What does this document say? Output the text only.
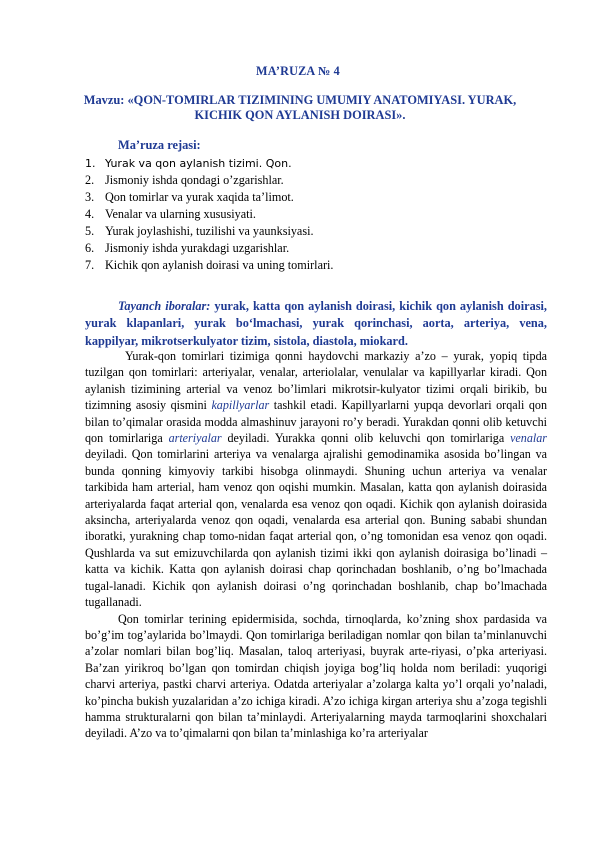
MA’RUZA № 4
Mavzu: «QON-TOMIRLAR TIZIMINING UMUMIY ANATOMIYASI. YURAK, KICHIK QON AYLANISH DOIRASI».
Ma’ruza rejasi:
1. Yurak va qon aylanish tizimi. Qon.
2. Jismoniy ishda qondagi o’zgarishlar.
3. Qon tomirlar va yurak xaqida ta’limot.
4. Venalar va ularning xususiyati.
5. Yurak joylashishi, tuzilishi va yaunksiyasi.
6. Jismoniy ishda yurakdagi uzgarishlar.
7. Kichik qon aylanish doirasi va uning tomirlari.
Tayanch iboralar: yurak, katta qon aylanish doirasi, kichik qon aylanish doirasi, yurak klapanlari, yurak bo‘lmachasi, yurak qorinchasi, aorta, arteriya, vena, kappilyar, mikrotserkulyator tizim, sistola, diastola, miokard.

Yurak-qon tomirlari tizimiga qonni haydovchi markaziy a’zo – yurak, yopiq tipda tuzilgan qon tomirlari: arteriyalar, venalar, arteriolalar, venulalar va kapillyarlar kiradi. Qon aylanish tizimining arterial va venoz bo’limlari mikrotsir-kulyator tizimi orqali birikib, bu tizimning asosiy qismini kapillyarlar tashkil etadi. Kapillyarlarni yupqa devorlari orqali qon bilan to’qimalar orasida modda almashinuv jarayoni ro’y beradi. Yurakdan qonni olib ketuvchi qon tomirlariga arteriyalar deyiladi. Yurakka qonni olib keluvchi qon tomirlariga venalar deyiladi. Qon tomirlarini arteriya va venalarga ajralishi gemodinamika asosida bo’lingan va bunda qonning kimyoviy tarkibi hisobga olinmaydi. Shuning uchun arteriya va venalar tarkibida ham arterial, ham venoz qon oqishi mumkin. Masalan, katta qon aylanish doirasida arteriyalarda faqat arterial qon, venalarda esa venoz qon oqadi. Kichik qon aylanish doirasida aksincha, arteriyalarda venoz qon oqadi, venalarda esa arterial qon. Buning sababi shundan iboratki, yurakning chap tomo-nidan faqat arterial qon, o’ng tomonidan esa venoz qon oqadi. Qushlarda va sut emizuvchilarda qon aylanish tizimi ikki qon aylanish doirasiga bo’linadi – katta va kichik. Katta qon aylanish doirasi chap qorinchadan boshlanib, o’ng bo’lmachada tugal-lanadi. Kichik qon aylanish doirasi o’ng qorinchadan boshlanib, chap bo’lmachada tugallanadi.

Qon tomirlar terining epidermisida, sochda, tirnoqlarda, ko’zning shox pardasida va bo’g’im tog’aylarida bo’lmaydi. Qon tomirlariga beriladigan nomlar qon bilan ta’minlanuvchi a’zolar nomlari bilan bog’liq. Masalan, taloq arteriyasi, buyrak arte-riyasi, o’pka arteriyasi. Ba’zan yirikroq bo’lgan qon tomirdan chiqish joyiga bog’liq holda nom beriladi: yuqorigi charvi arteriya, pastki charvi arteriya. Odatda arteriyalar a’zolarga kalta yo’l orqali yo’naladi, ko’pincha bukish yuzalaridan a’zo ichiga kiradi. A’zo ichiga kirgan arteriya shu a’zoga tegishli hamma strukturalarni qon bilan ta’minlaydi. Arteriyalarning mayda tarmoqlarini shoxchalari deyiladi. A’zo va to’qimalarni qon bilan ta’minlashiga ko’ra arteriyalar
